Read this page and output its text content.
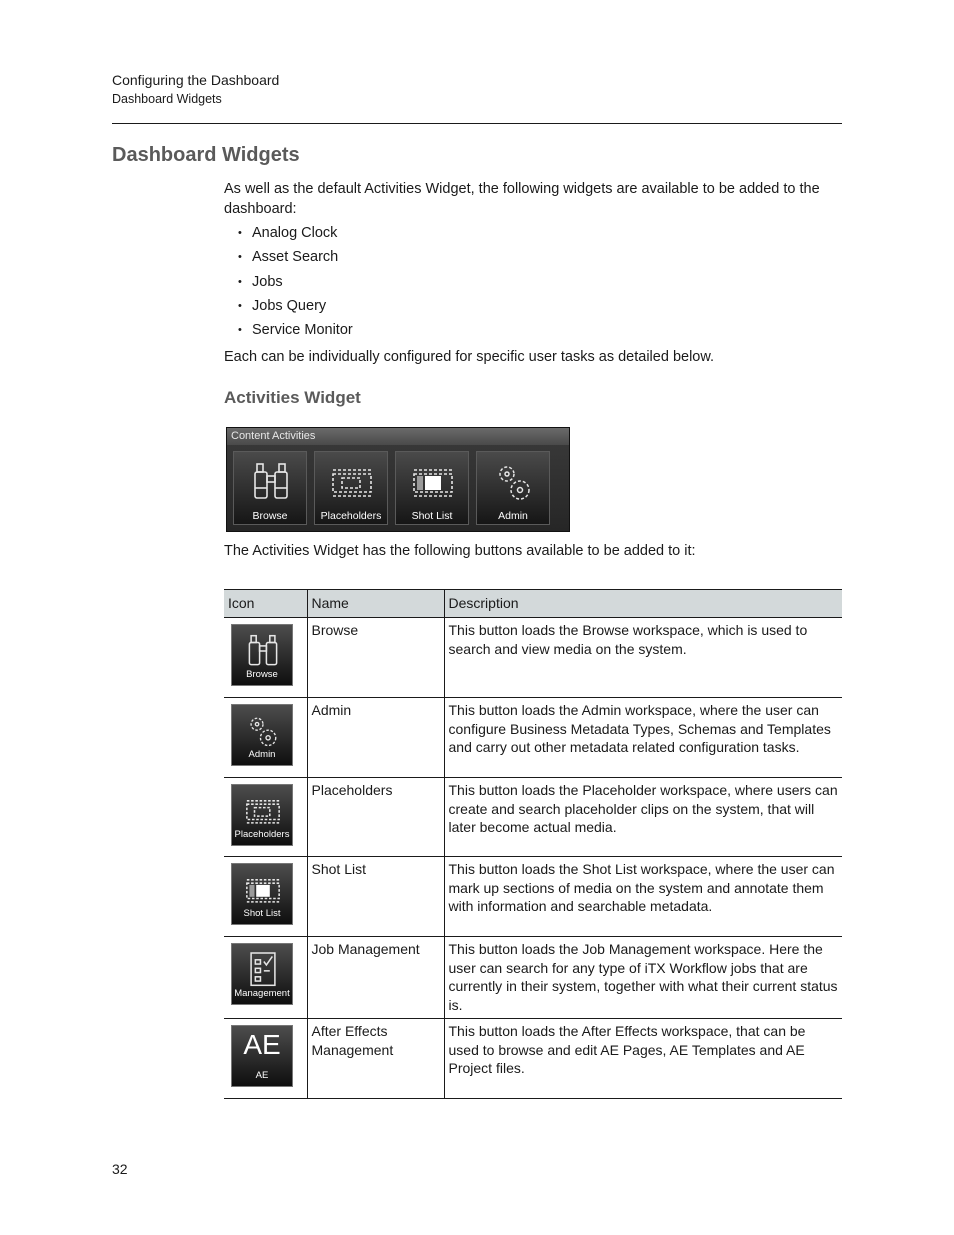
Configuring the Dashboard
Dashboard Widgets
Dashboard Widgets
As well as the default Activities Widget, the following widgets are available to be added to the dashboard:
• Analog Clock
• Asset Search
• Jobs
• Jobs Query
• Service Monitor
Each can be individually configured for specific user tasks as detailed below.
Activities Widget
Content Activities
Browse	Placeholders	Shot List	Admin
The Activities Widget has the following buttons available to be added to it:
Icon	Name	Description

Browse	Browse	This button loads the Browse workspace, which is used to search and view media on the system.

Admin	Admin	This button loads the Admin workspace, where the user can configure Business Metadata Types, Schemas and Templates and carry out other metadata related configuration tasks.

Placeholders	Placeholders	This button loads the Placeholder workspace, where users can create and search placeholder clips on the system, that will later become actual media.

Shot List	Shot List	This button loads the Shot List workspace, where the user can mark up sections of media on the system and annotate them with information and searchable metadata.

Management	Job Management	This button loads the Job Management workspace. Here the user can search for any type of iTX Workflow jobs that are currently in their system, together with what their current status is.

AE
AE	After Effects Management	This button loads the After Effects workspace, that can be used to browse and edit AE Pages, AE Templates and AE Project files.
32
